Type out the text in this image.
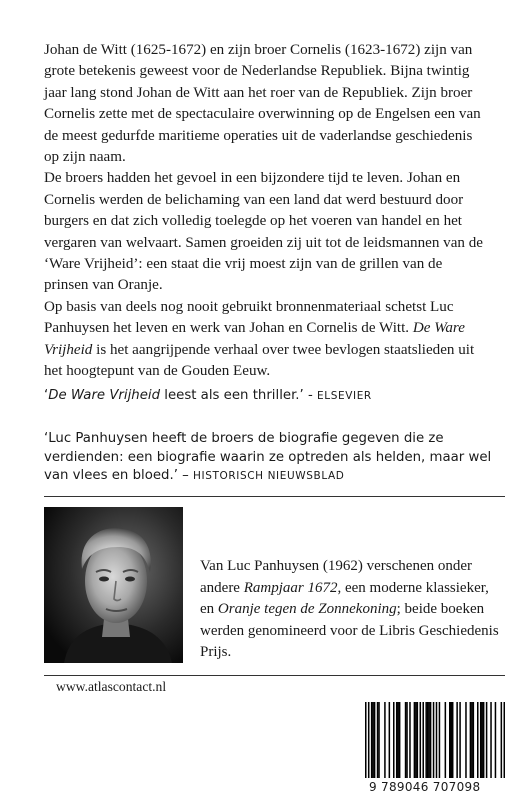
Johan de Witt (1625-1672) en zijn broer Cornelis (1623-1672) zijn van grote betekenis geweest voor de Nederlandse Republiek. Bijna twintig jaar lang stond Johan de Witt aan het roer van de Republiek. Zijn broer Cornelis zette met de spectaculaire overwinning op de Engelsen een van de meest gedurfde maritieme operaties uit de vaderlandse geschiedenis op zijn naam.

De broers hadden het gevoel in een bijzondere tijd te leven. Johan en Cornelis werden de belichaming van een land dat werd bestuurd door burgers en dat zich volledig toelegde op het voeren van handel en het vergaren van welvaart. Samen groeiden zij uit tot de leidsmannen van de ‘Ware Vrijheid’: een staat die vrij moest zijn van de grillen van de prinsen van Oranje.

Op basis van deels nog nooit gebruikt bronnenmateriaal schetst Luc Panhuysen het leven en werk van Johan en Cornelis de Witt. De Ware Vrijheid is het aangrijpende verhaal over twee bevlogen staatslieden uit het hoogtepunt van de Gouden Eeuw.

‘De Ware Vrijheid leest als een thriller.’ - ELSEVIER
‘Luc Panhuysen heeft de broers de biografie gegeven die ze verdienden: een biografie waarin ze optreden als helden, maar wel van vlees en bloed.’ – HISTORISCH NIEUWSBLAD
Van Luc Panhuysen (1962) verschenen onder andere Rampjaar 1672, een moderne klassieker, en Oranje tegen de Zonnekoning; beide boeken werden genomineerd voor de Libris Geschiedenis Prijs.
www.atlascontact.nl
9 789046 707098
